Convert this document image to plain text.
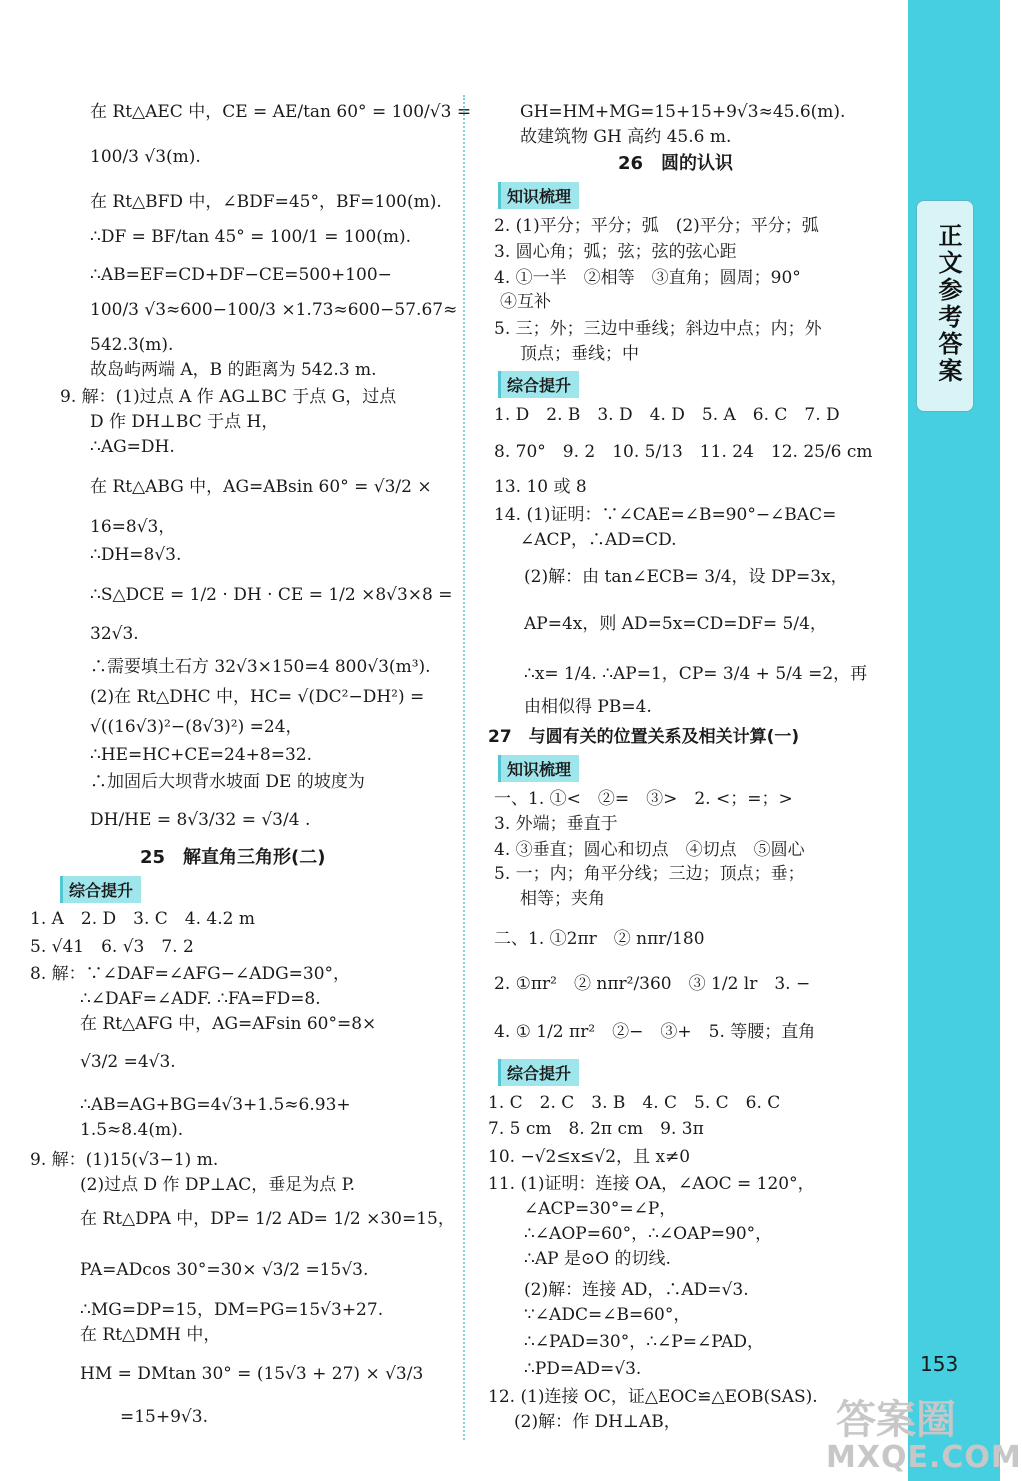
在 Rt△AEC 中，CE = AE/tan 60° = 100/√3 =
100/3 √3(m).
在 Rt△BFD 中，∠BDF=45°，BF=100(m).
∴DF = BF/tan 45° = 100/1 = 100(m).
∴AB=EF=CD+DF−CE=500+100−
100/3 √3≈600−100/3 ×1.73≈600−57.67≈
542.3(m).
故岛屿两端 A，B 的距离为 542.3 m.
9. 解：(1)过点 A 作 AG⊥BC 于点 G，过点
D 作 DH⊥BC 于点 H，
∴AG=DH.
在 Rt△ABG 中，AG=ABsin 60° = √3/2 ×
16=8√3，
∴DH=8√3.
∴S△DCE = 1/2 · DH · CE = 1/2 ×8√3×8 =
32√3.
∴需要填土石方 32√3×150=4 800√3(m³).
(2)在 Rt△DHC 中，HC= √(DC²−DH²) =
√((16√3)²−(8√3)²) =24，
∴HE=HC+CE=24+8=32.
∴加固后大坝背水坡面 DE 的坡度为
DH/HE = 8√3/32 = √3/4 .
25　解直角三角形(二)
综合提升
1. A　2. D　3. C　4. 4.2 m
5. √41　6. √3　7. 2
8. 解：∵∠DAF=∠AFG−∠ADG=30°，
∴∠DAF=∠ADF. ∴FA=FD=8.
在 Rt△AFG 中，AG=AFsin 60°=8×
√3/2 =4√3.
∴AB=AG+BG=4√3+1.5≈6.93+
1.5≈8.4(m).
9. 解：(1)15(√3−1) m.
(2)过点 D 作 DP⊥AC，垂足为点 P.
在 Rt△DPA 中，DP= 1/2 AD= 1/2 ×30=15，
PA=ADcos 30°=30× √3/2 =15√3.
∴MG=DP=15，DM=PG=15√3+27.
在 Rt△DMH 中，
HM = DMtan 30° = (15√3 + 27) × √3/3
=15+9√3.
GH=HM+MG=15+15+9√3≈45.6(m).
故建筑物 GH 高约 45.6 m.
26　圆的认识
知识梳理
2. (1)平分；平分；弧　(2)平分；平分；弧
3. 圆心角；弧；弦；弦的弦心距
4. ①一半　②相等　③直角；圆周；90°
④互补
5. 三；外；三边中垂线；斜边中点；内；外
顶点；垂线；中
综合提升
1. D　2. B　3. D　4. D　5. A　6. C　7. D
8. 70°　9. 2　10. 5/13　11. 24　12. 25/6 cm
13. 10 或 8
14. (1)证明：∵∠CAE=∠B=90°−∠BAC=
∠ACP，∴AD=CD.
(2)解：由 tan∠ECB= 3/4，设 DP=3x，
AP=4x，则 AD=5x=CD=DF= 5/4，
∴x= 1/4. ∴AP=1，CP= 3/4 + 5/4 =2，再
由相似得 PB=4.
27　与圆有关的位置关系及相关计算(一)
知识梳理
一、1. ①<　②=　③>　2. <；=；>
3. 外端；垂直于
4. ③垂直；圆心和切点　④切点　⑤圆心
5. 一；内；角平分线；三边；顶点；垂；
相等；夹角
二、1. ①2πr　② nπr/180
2. ①πr²　② nπr²/360　③ 1/2 lr　3. −
4. ① 1/2 πr²　②−　③+　5. 等腰；直角
综合提升
1. C　2. C　3. B　4. C　5. C　6. C
7. 5 cm　8. 2π cm　9. 3π
10. −√2≤x≤√2，且 x≠0
11. (1)证明：连接 OA，∠AOC = 120°，
∠ACP=30°=∠P，
∴∠AOP=60°，∴∠OAP=90°，
∴AP 是⊙O 的切线.
(2)解：连接 AD，∴AD=√3.
∵∠ADC=∠B=60°，
∴∠PAD=30°，∴∠P=∠PAD，
∴PD=AD=√3.
12. (1)连接 OC，证△EOC≌△EOB(SAS).
(2)解：作 DH⊥AB，
正文参考答案
153
答案圈
MXQE.COM
